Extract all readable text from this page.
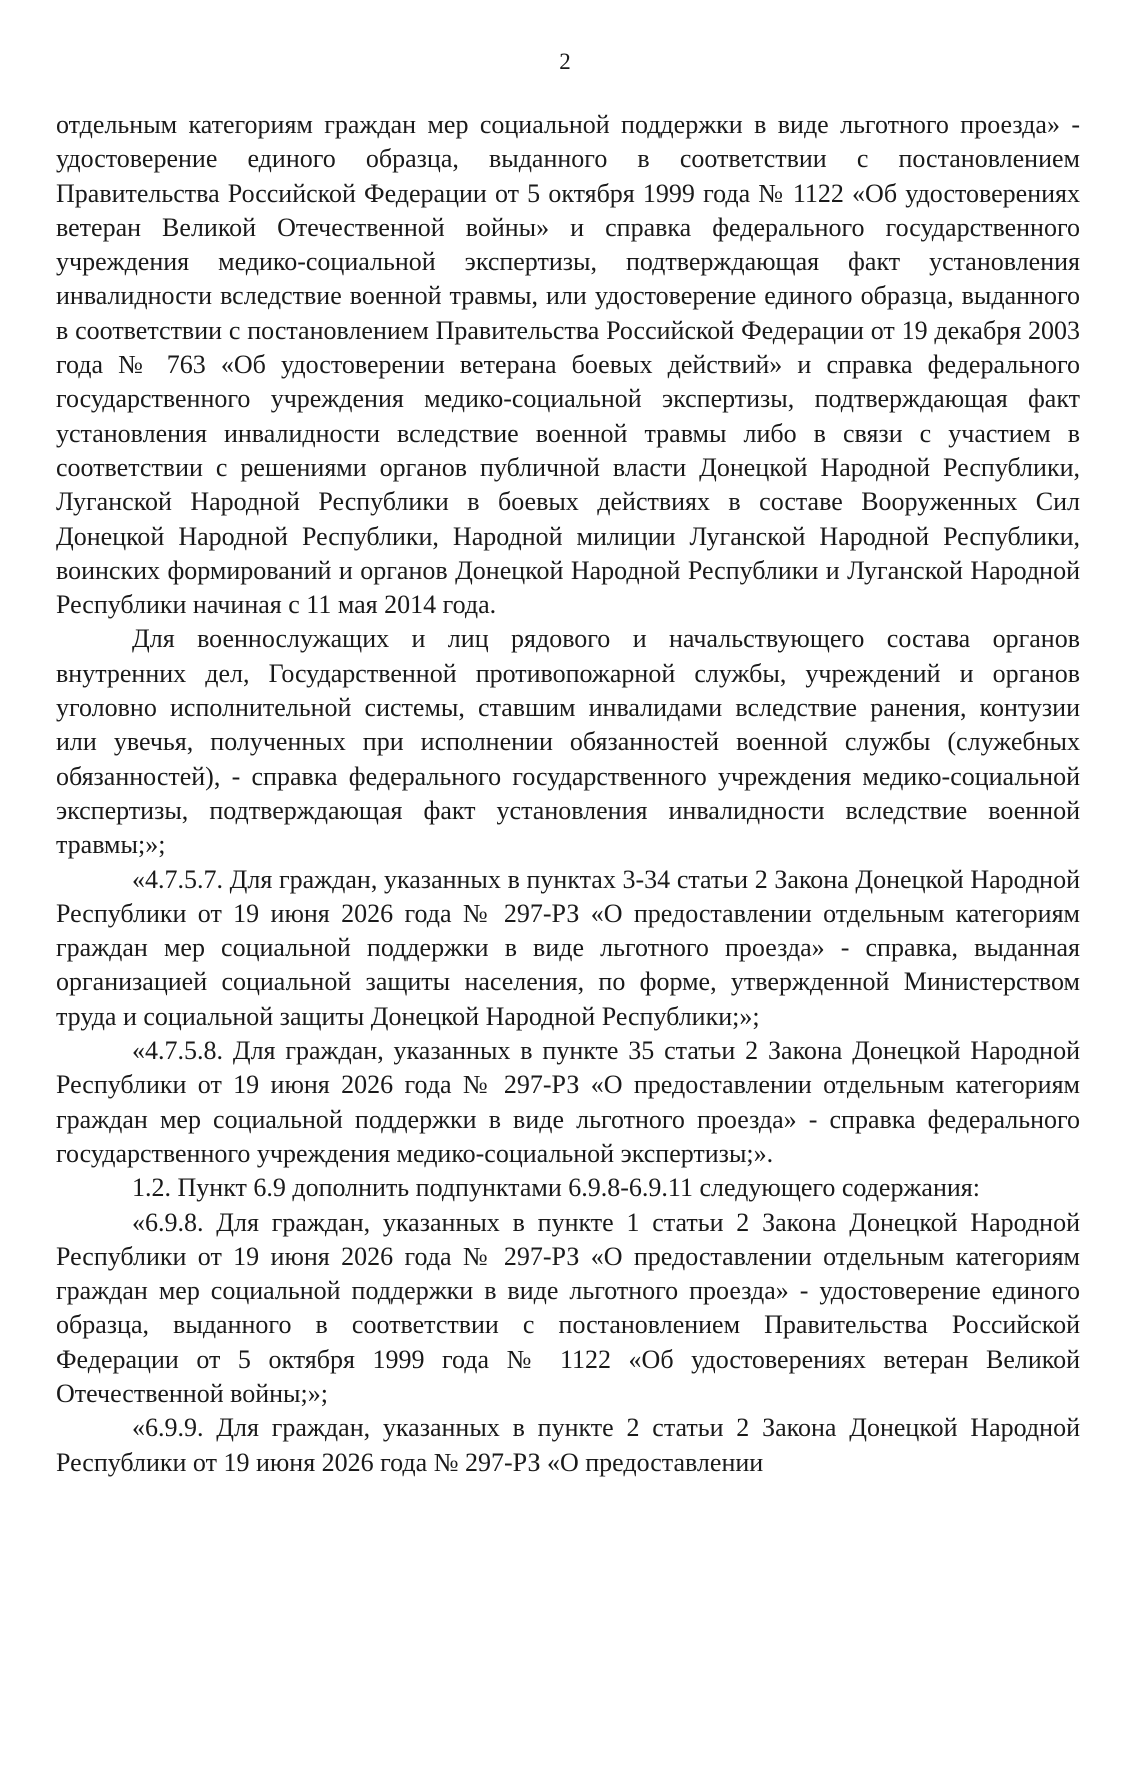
2

отдельным категориям граждан мер социальной поддержки в виде льготного проезда» - удостоверение единого образца, выданного в соответствии с постановлением Правительства Российской Федерации от 5 октября 1999 года № 1122 «Об удостоверениях ветеран Великой Отечественной войны» и справка федерального государственного учреждения медико-социальной экспертизы, подтверждающая факт установления инвалидности вследствие военной травмы, или удостоверение единого образца, выданного в соответствии с постановлением Правительства Российской Федерации от 19 декабря 2003 года № 763 «Об удостоверении ветерана боевых действий» и справка федерального государственного учреждения медико-социальной экспертизы, подтверждающая факт установления инвалидности вследствие военной травмы либо в связи с участием в соответствии с решениями органов публичной власти Донецкой Народной Республики, Луганской Народной Республики в боевых действиях в составе Вооруженных Сил Донецкой Народной Республики, Народной милиции Луганской Народной Республики, воинских формирований и органов Донецкой Народной Республики и Луганской Народной Республики начиная с 11 мая 2014 года.

Для военнослужащих и лиц рядового и начальствующего состава органов внутренних дел, Государственной противопожарной службы, учреждений и органов уголовно исполнительной системы, ставшим инвалидами вследствие ранения, контузии или увечья, полученных при исполнении обязанностей военной службы (служебных обязанностей), - справка федерального государственного учреждения медико-социальной экспертизы, подтверждающая факт установления инвалидности вследствие военной травмы;»;

«4.7.5.7. Для граждан, указанных в пунктах 3-34 статьи 2 Закона Донецкой Народной Республики от 19 июня 2026 года № 297-РЗ «О предоставлении отдельным категориям граждан мер социальной поддержки в виде льготного проезда» - справка, выданная организацией социальной защиты населения, по форме, утвержденной Министерством труда и социальной защиты Донецкой Народной Республики;»;

«4.7.5.8. Для граждан, указанных в пункте 35 статьи 2 Закона Донецкой Народной Республики от 19 июня 2026 года № 297-РЗ «О предоставлении отдельным категориям граждан мер социальной поддержки в виде льготного проезда» - справка федерального государственного учреждения медико-социальной экспертизы;».

1.2. Пункт 6.9 дополнить подпунктами 6.9.8-6.9.11 следующего содержания:

«6.9.8. Для граждан, указанных в пункте 1 статьи 2 Закона Донецкой Народной Республики от 19 июня 2026 года № 297-РЗ «О предоставлении отдельным категориям граждан мер социальной поддержки в виде льготного проезда» - удостоверение единого образца, выданного в соответствии с постановлением Правительства Российской Федерации от 5 октября 1999 года № 1122 «Об удостоверениях ветеран Великой Отечественной войны;»;

«6.9.9. Для граждан, указанных в пункте 2 статьи 2 Закона Донецкой Народной Республики от 19 июня 2026 года № 297-РЗ «О предоставлении
